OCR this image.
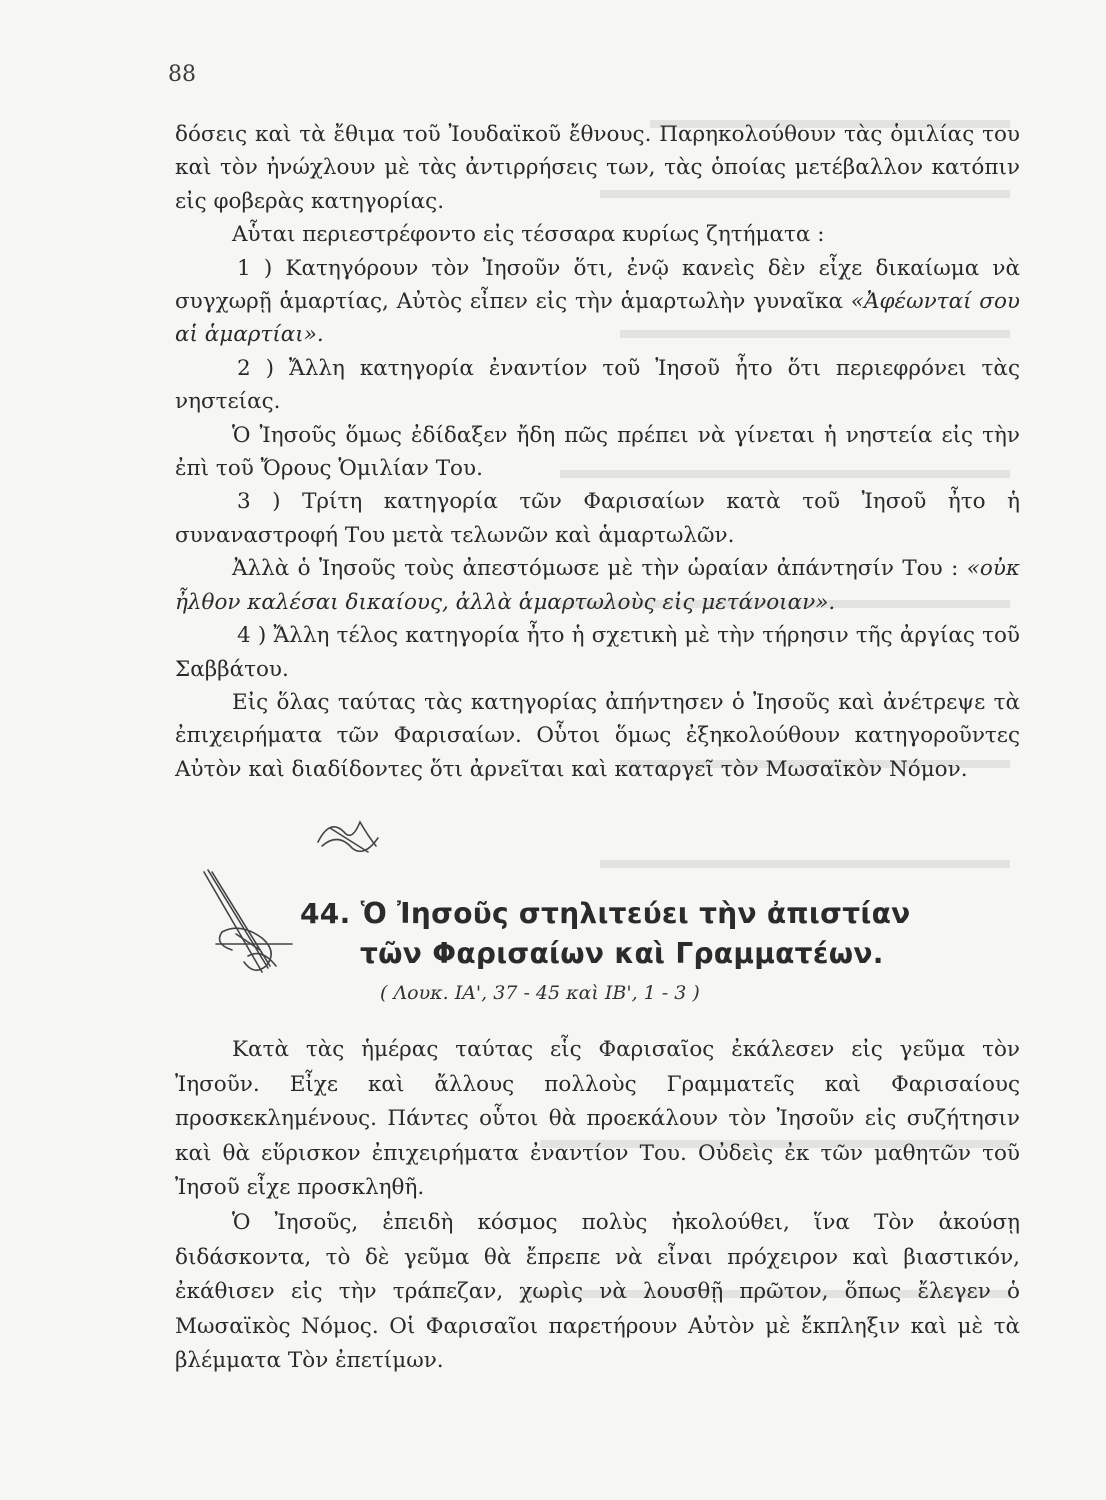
88

δόσεις καὶ τὰ ἔθιμα τοῦ Ἰουδαϊκοῦ ἔθνους. Παρηκολούθουν τὰς ὁμιλίας του καὶ τὸν ἠνώχλουν μὲ τὰς ἀντιρρήσεις των, τὰς ὁποίας μετέβαλλον κατόπιν εἰς φοβερὰς κατηγορίας.

Αὗται περιεστρέφοντο εἰς τέσσαρα κυρίως ζητήματα :

1 ) Κατηγόρουν τὸν Ἰησοῦν ὅτι, ἐνῷ κανεὶς δὲν εἶχε δικαίωμα νὰ συγχωρῇ ἁμαρτίας, Αὐτὸς εἶπεν εἰς τὴν ἁμαρτωλὴν γυναῖκα «Ἀφέωνταί σου αἱ ἁμαρτίαι».

2 ) Ἄλλη κατηγορία ἐναντίον τοῦ Ἰησοῦ ἦτο ὅτι περιεφρόνει τὰς νηστείας.

Ὁ Ἰησοῦς ὅμως ἐδίδαξεν ἤδη πῶς πρέπει νὰ γίνεται ἡ νηστεία εἰς τὴν ἐπὶ τοῦ Ὄρους Ὁμιλίαν Του.

3 ) Τρίτη κατηγορία τῶν Φαρισαίων κατὰ τοῦ Ἰησοῦ ἦτο ἡ συναναστροφή Του μετὰ τελωνῶν καὶ ἁμαρτωλῶν.

Ἀλλὰ ὁ Ἰησοῦς τοὺς ἀπεστόμωσε μὲ τὴν ὡραίαν ἀπάντησίν Του : «οὐκ ἦλθον καλέσαι δικαίους, ἀλλὰ ἁμαρτωλοὺς εἰς μετάνοιαν».

4 ) Ἄλλη τέλος κατηγορία ἦτο ἡ σχετικὴ μὲ τὴν τήρησιν τῆς ἀργίας τοῦ Σαββάτου.

Εἰς ὅλας ταύτας τὰς κατηγορίας ἀπήντησεν ὁ Ἰησοῦς καὶ ἀνέτρεψε τὰ ἐπιχειρήματα τῶν Φαρισαίων. Οὗτοι ὅμως ἐξηκολούθουν κατηγοροῦντες Αὐτὸν καὶ διαδίδοντες ὅτι ἀρνεῖται καὶ καταργεῖ τὸν Μωσαϊκὸν Νόμον.

44. Ὁ Ἰησοῦς στηλιτεύει τὴν ἀπιστίαν
τῶν Φαρισαίων καὶ Γραμματέων.
( Λουκ. ΙΑ', 37 - 45 καὶ ΙΒ', 1 - 3 )

Κατὰ τὰς ἡμέρας ταύτας εἷς Φαρισαῖος ἐκάλεσεν εἰς γεῦμα τὸν Ἰησοῦν. Εἶχε καὶ ἄλλους πολλοὺς Γραμματεῖς καὶ Φαρισαίους προσκεκλημένους. Πάντες οὗτοι θὰ προεκάλουν τὸν Ἰησοῦν εἰς συζήτησιν καὶ θὰ εὕρισκον ἐπιχειρήματα ἐναντίον Του. Οὐδεὶς ἐκ τῶν μαθητῶν τοῦ Ἰησοῦ εἶχε προσκληθῆ.

Ὁ Ἰησοῦς, ἐπειδὴ κόσμος πολὺς ἠκολούθει, ἵνα Τὸν ἀκούσῃ διδάσκοντα, τὸ δὲ γεῦμα θὰ ἔπρεπε νὰ εἶναι πρόχειρον καὶ βιαστικόν, ἐκάθισεν εἰς τὴν τράπεζαν, χωρὶς νὰ λουσθῇ πρῶτον, ὅπως ἔλεγεν ὁ Μωσαϊκὸς Νόμος. Οἱ Φαρισαῖοι παρετήρουν Αὐτὸν μὲ ἔκπληξιν καὶ μὲ τὰ βλέμματα Τὸν ἐπετίμων.
